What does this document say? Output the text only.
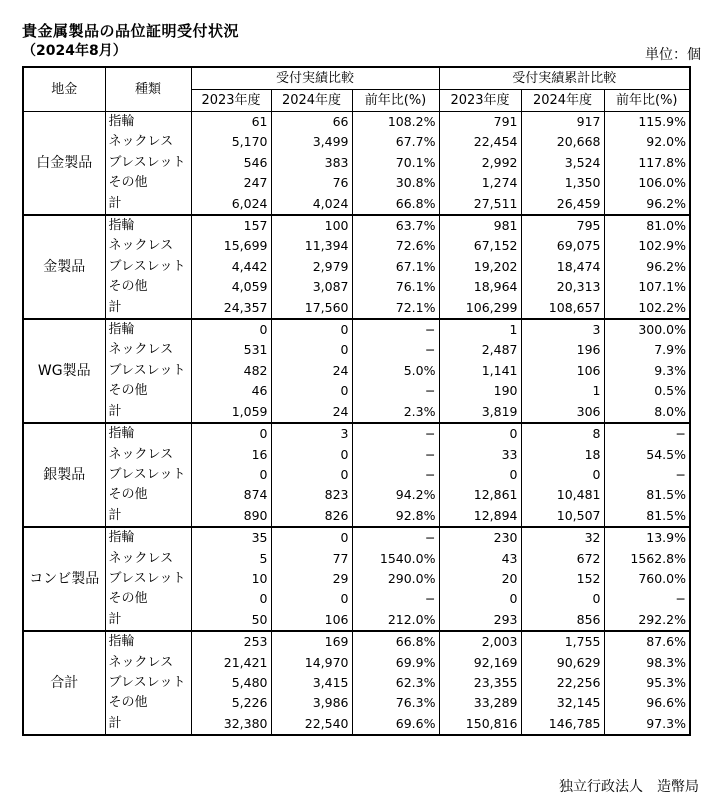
貴金属製品の品位証明受付状況
（2024年8月）	単位：個
地金	種類	受付実績比較			受付実績累計比較		
		2023年度	2024年度	前年比(%)	2023年度	2024年度	前年比(%)
白金製品	指輪	61	66	108.2%	791	917	115.9%
	ネックレス	5,170	3,499	67.7%	22,454	20,668	92.0%
	ブレスレット	546	383	70.1%	2,992	3,524	117.8%
	その他	247	76	30.8%	1,274	1,350	106.0%
	計	6,024	4,024	66.8%	27,511	26,459	96.2%
金製品	指輪	157	100	63.7%	981	795	81.0%
	ネックレス	15,699	11,394	72.6%	67,152	69,075	102.9%
	ブレスレット	4,442	2,979	67.1%	19,202	18,474	96.2%
	その他	4,059	3,087	76.1%	18,964	20,313	107.1%
	計	24,357	17,560	72.1%	106,299	108,657	102.2%
WG製品	指輪	0	0	−	1	3	300.0%
	ネックレス	531	0	−	2,487	196	7.9%
	ブレスレット	482	24	5.0%	1,141	106	9.3%
	その他	46	0	−	190	1	0.5%
	計	1,059	24	2.3%	3,819	306	8.0%
銀製品	指輪	0	3	−	0	8	−
	ネックレス	16	0	−	33	18	54.5%
	ブレスレット	0	0	−	0	0	−
	その他	874	823	94.2%	12,861	10,481	81.5%
	計	890	826	92.8%	12,894	10,507	81.5%
コンビ製品	指輪	35	0	−	230	32	13.9%
	ネックレス	5	77	1540.0%	43	672	1562.8%
	ブレスレット	10	29	290.0%	20	152	760.0%
	その他	0	0	−	0	0	−
	計	50	106	212.0%	293	856	292.2%
合計	指輪	253	169	66.8%	2,003	1,755	87.6%
	ネックレス	21,421	14,970	69.9%	92,169	90,629	98.3%
	ブレスレット	5,480	3,415	62.3%	23,355	22,256	95.3%
	その他	5,226	3,986	76.3%	33,289	32,145	96.6%
	計	32,380	22,540	69.6%	150,816	146,785	97.3%
独立行政法人　造幣局
